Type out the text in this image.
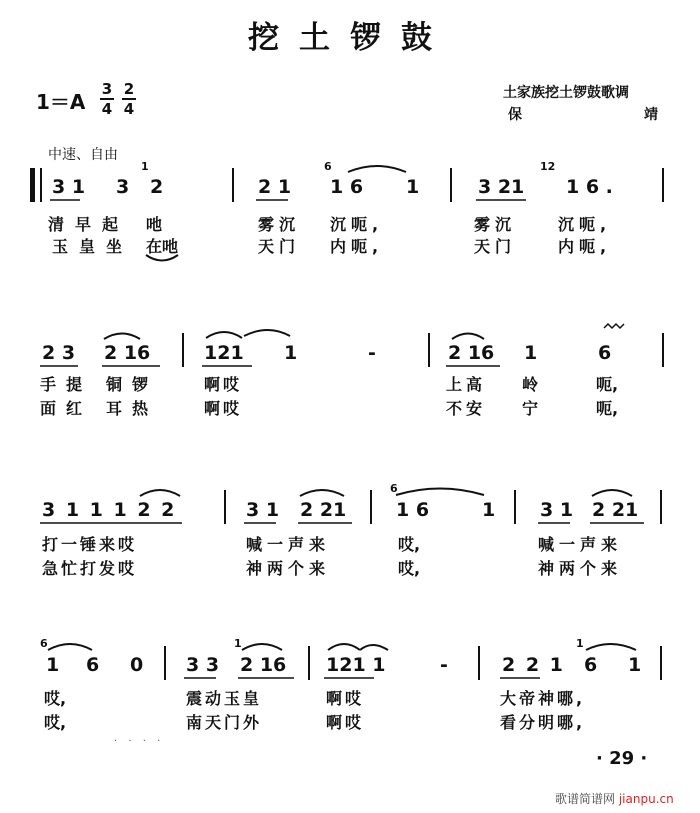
挖土锣鼓
1＝A
3
4
2
4
土家族挖土锣鼓歌调
保	靖
中速、自由
3 1 3 2	2 1 1 6 1	3 21 1 6 .
1	6	12
清早起 吔	雾沉 沉呃,	雾沉	沉呃,
玉皇坐 在吔	天门 内呃,	天门	内呃,
2 3 2 16	121 1	-	2 16 1	6
手提 铜锣	啊哎	上高 岭	呃,
面红 耳热	啊哎	不安 宁	呃,
3 1 1 1 2 2	3 1 2 21	1 6	1 3 1 2 21
6
打一锤来哎	喊一声来	哎,	喊一声来
急忙打发哎	神两个来	哎,	神两个来
1 6 0 3 3 2 16 121 1	-	2 2 1 6 1
6	1	1
哎,	震动玉皇	啊哎	大帝神哪,
哎,	南天门外	啊哎	看分明哪,
· · · ·
· 29 ·
歌谱简谱网 jianpu.cn
